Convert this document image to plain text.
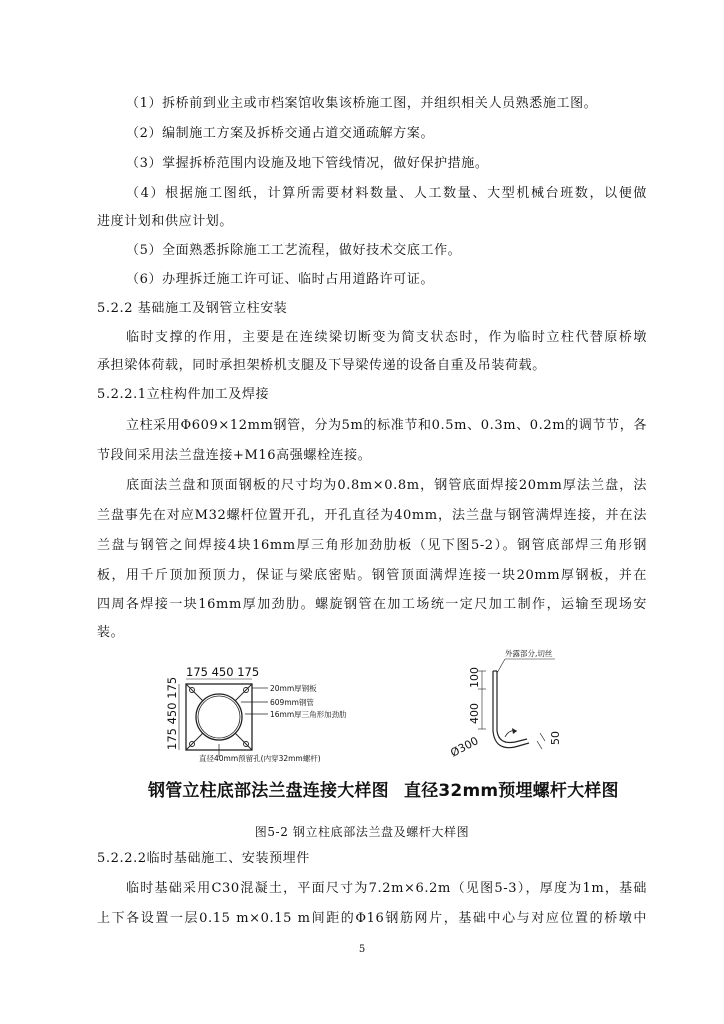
（1）拆桥前到业主或市档案馆收集该桥施工图，并组织相关人员熟悉施工图。
（2）编制施工方案及拆桥交通占道交通疏解方案。
（3）掌握拆桥范围内设施及地下管线情况，做好保护措施。
（4）根据施工图纸，计算所需要材料数量、人工数量、大型机械台班数，以便做
进度计划和供应计划。
（5）全面熟悉拆除施工工艺流程，做好技术交底工作。
（6）办理拆迁施工许可证、临时占用道路许可证。
5.2.2 基础施工及钢管立柱安装
临时支撑的作用，主要是在连续梁切断变为简支状态时，作为临时立柱代替原桥墩
承担梁体荷载，同时承担架桥机支腿及下导梁传递的设备自重及吊装荷载。
5.2.2.1立柱构件加工及焊接
立柱采用Φ609×12mm钢管，分为5m的标准节和0.5m、0.3m、0.2m的调节节，各
节段间采用法兰盘连接+M16高强螺栓连接。
底面法兰盘和顶面钢板的尺寸均为0.8m×0.8m，钢管底面焊接20mm厚法兰盘，法
兰盘事先在对应M32螺杆位置开孔，开孔直径为40mm，法兰盘与钢管满焊连接，并在法
兰盘与钢管之间焊接4块16mm厚三角形加劲肋板（见下图5-2）。钢管底部焊三角形钢
板，用千斤顶加预顶力，保证与梁底密贴。钢管顶面满焊连接一块20mm厚钢板，并在
四周各焊接一块16mm厚加劲肋。螺旋钢管在加工场统一定尺加工制作，运输至现场安
装。
175 450 175
175 450 175	20mm厚钢板
609mm钢管
16mm厚三角形加劲肋
直径40mm预留孔(内穿32mm螺杆)
外露部分,切丝
100
400
Ø300	50
钢管立柱底部法兰盘连接大样图 直径32mm预埋螺杆大样图
图5-2 钢立柱底部法兰盘及螺杆大样图
5.2.2.2临时基础施工、安装预埋件
临时基础采用C30混凝土，平面尺寸为7.2m×6.2m（见图5-3），厚度为1m，基础
上下各设置一层0.15 m×0.15 m间距的Φ16钢筋网片，基础中心与对应位置的桥墩中
5
